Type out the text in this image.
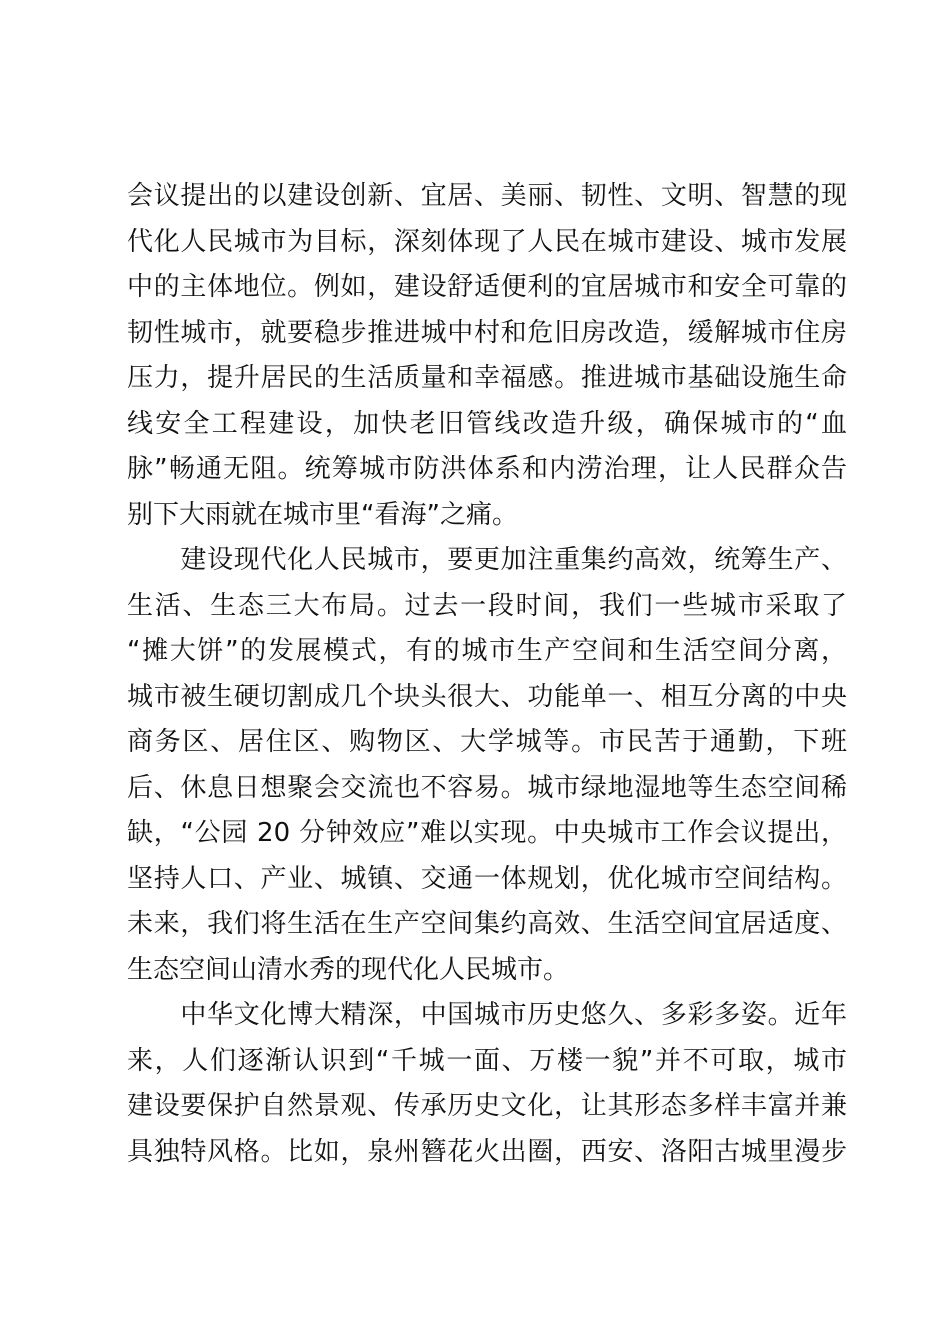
会议提出的以建设创新、宜居、美丽、韧性、文明、智慧的现
代化人民城市为目标，深刻体现了人民在城市建设、城市发展
中的主体地位。例如，建设舒适便利的宜居城市和安全可靠的
韧性城市，就要稳步推进城中村和危旧房改造，缓解城市住房
压力，提升居民的生活质量和幸福感。推进城市基础设施生命
线安全工程建设，加快老旧管线改造升级，确保城市的“血
脉”畅通无阻。统筹城市防洪体系和内涝治理，让人民群众告
别下大雨就在城市里“看海”之痛。
　　建设现代化人民城市，要更加注重集约高效，统筹生产、
生活、生态三大布局。过去一段时间，我们一些城市采取了
“摊大饼”的发展模式，有的城市生产空间和生活空间分离，
城市被生硬切割成几个块头很大、功能单一、相互分离的中央
商务区、居住区、购物区、大学城等。市民苦于通勤，下班
后、休息日想聚会交流也不容易。城市绿地湿地等生态空间稀
缺，“公园 20 分钟效应”难以实现。中央城市工作会议提出，
坚持人口、产业、城镇、交通一体规划，优化城市空间结构。
未来，我们将生活在生产空间集约高效、生活空间宜居适度、
生态空间山清水秀的现代化人民城市。
　　中华文化博大精深，中国城市历史悠久、多彩多姿。近年
来，人们逐渐认识到“千城一面、万楼一貌”并不可取，城市
建设要保护自然景观、传承历史文化，让其形态多样丰富并兼
具独特风格。比如，泉州簪花火出圈，西安、洛阳古城里漫步
